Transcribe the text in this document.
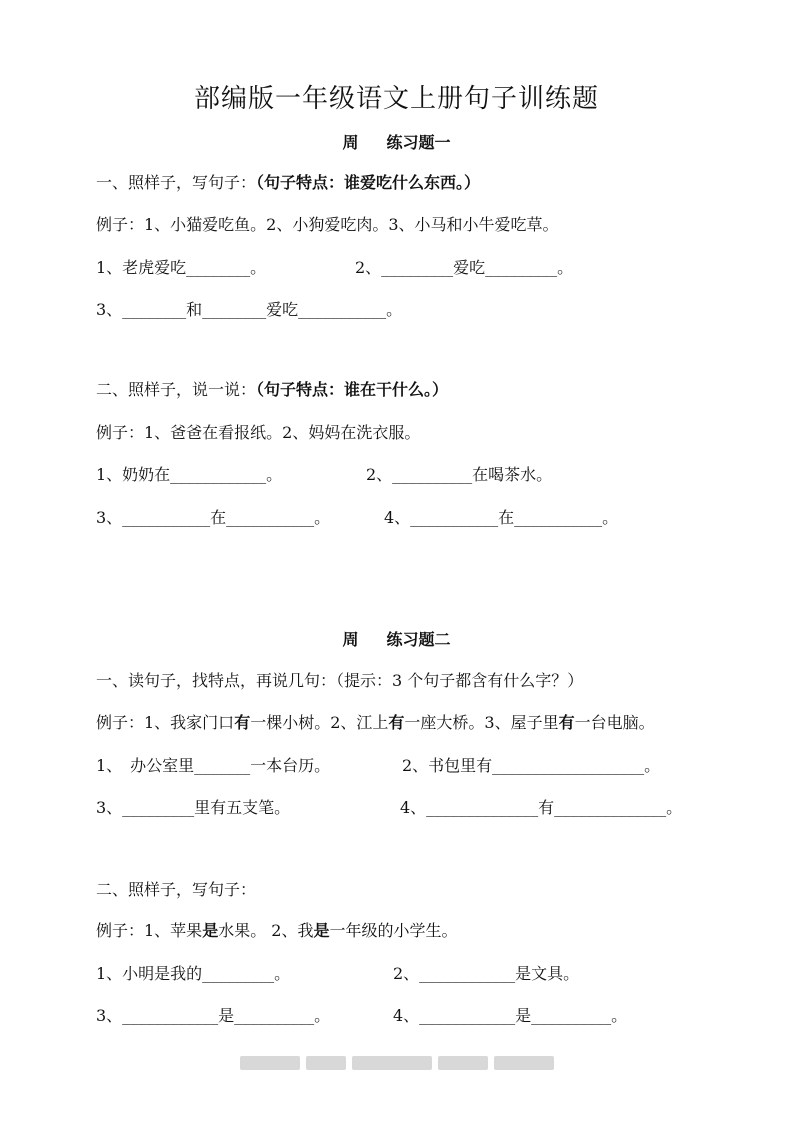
部编版一年级语文上册句子训练题
周 练习题一
一、照样子，写句子：（句子特点：谁爱吃什么东西。）
例子：1、小猫爱吃鱼。2、小狗爱吃肉。3、小马和小牛爱吃草。
1、老虎爱吃________。	2、_________爱吃_________。
3、________和________爱吃___________。
二、照样子，说一说：（句子特点：谁在干什么。）
例子：1、爸爸在看报纸。2、妈妈在洗衣服。
1、奶奶在____________。	2、__________在喝茶水。
3、___________在___________。	4、___________在___________。
周 练习题二
一、读句子，找特点，再说几句：（提示：3 个句子都含有什么字？）
例子：1、我家门口有一棵小树。2、江上有一座大桥。3、屋子里有一台电脑。
1、　办公室里_______一本台历。	2、书包里有___________________。
3、_________里有五支笔。	4、______________有______________。
二、照样子，写句子：
例子：1、苹果是水果。 2、我是一年级的小学生。
1、小明是我的_________。	2、____________是文具。
3、____________是__________。	4、____________是__________。
